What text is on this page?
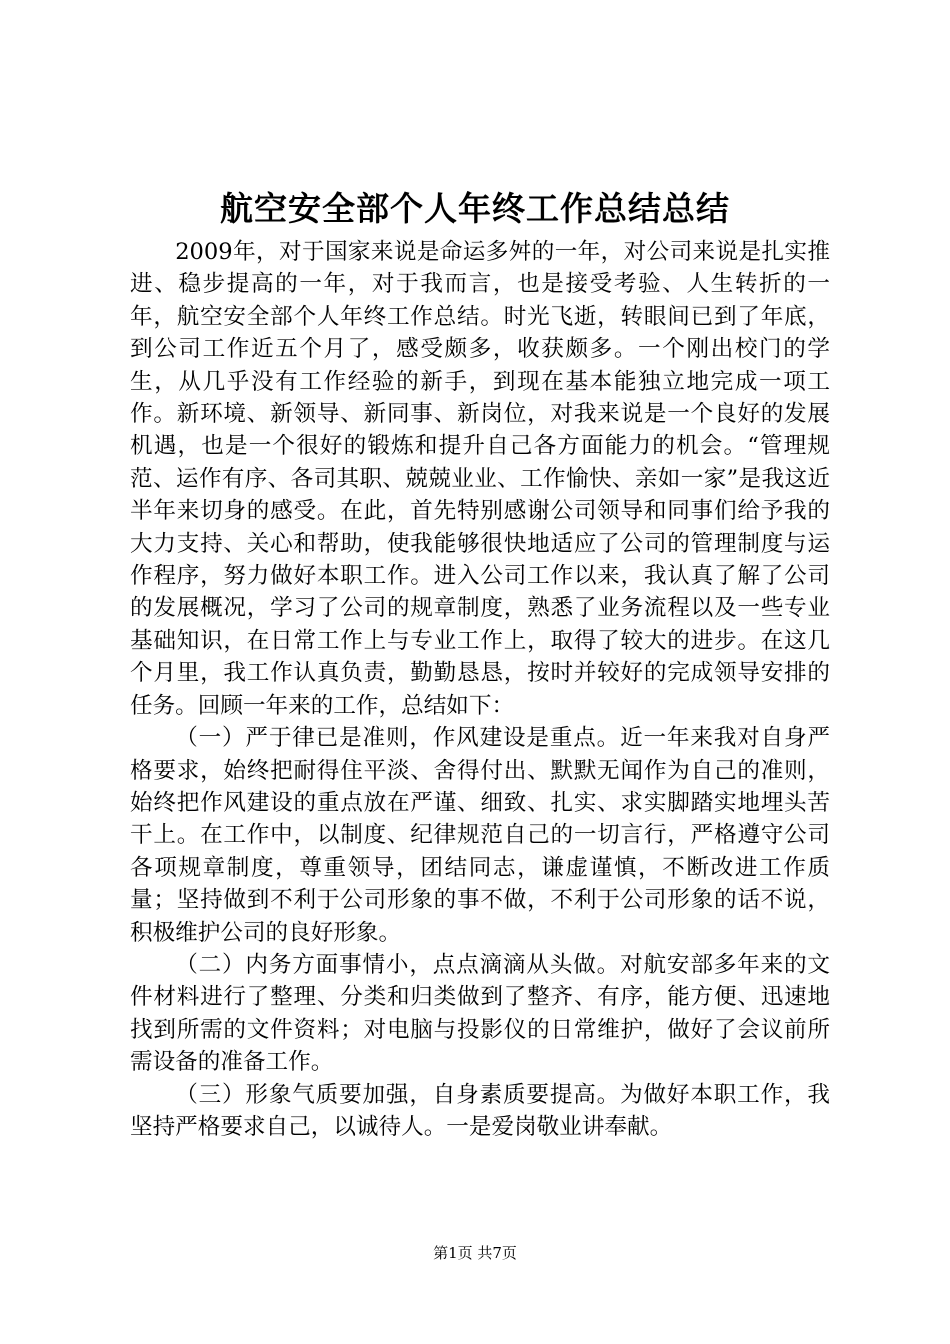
航空安全部个人年终工作总结总结

2009年，对于国家来说是命运多舛的一年，对公司来说是扎实推进、稳步提高的一年，对于我而言，也是接受考验、人生转折的一年，航空安全部个人年终工作总结。时光飞逝，转眼间已到了年底，到公司工作近五个月了，感受颇多，收获颇多。一个刚出校门的学生，从几乎没有工作经验的新手，到现在基本能独立地完成一项工作。新环境、新领导、新同事、新岗位，对我来说是一个良好的发展机遇，也是一个很好的锻炼和提升自己各方面能力的机会。“管理规范、运作有序、各司其职、兢兢业业、工作愉快、亲如一家”是我这近半年来切身的感受。在此，首先特别感谢公司领导和同事们给予我的大力支持、关心和帮助，使我能够很快地适应了公司的管理制度与运作程序，努力做好本职工作。进入公司工作以来，我认真了解了公司的发展概况，学习了公司的规章制度，熟悉了业务流程以及一些专业基础知识，在日常工作上与专业工作上，取得了较大的进步。在这几个月里，我工作认真负责，勤勤恳恳，按时并较好的完成领导安排的任务。回顾一年来的工作，总结如下：

（一）严于律已是准则，作风建设是重点。近一年来我对自身严格要求，始终把耐得住平淡、舍得付出、默默无闻作为自己的准则，始终把作风建设的重点放在严谨、细致、扎实、求实脚踏实地埋头苦干上。在工作中，以制度、纪律规范自己的一切言行，严格遵守公司各项规章制度，尊重领导，团结同志，谦虚谨慎，不断改进工作质量；坚持做到不利于公司形象的事不做，不利于公司形象的话不说，积极维护公司的良好形象。

（二）内务方面事情小，点点滴滴从头做。对航安部多年来的文件材料进行了整理、分类和归类做到了整齐、有序，能方便、迅速地找到所需的文件资料；对电脑与投影仪的日常维护，做好了会议前所需设备的准备工作。

（三）形象气质要加强，自身素质要提高。为做好本职工作，我坚持严格要求自己，以诚待人。一是爱岗敬业讲奉献。

第1页 共7页
